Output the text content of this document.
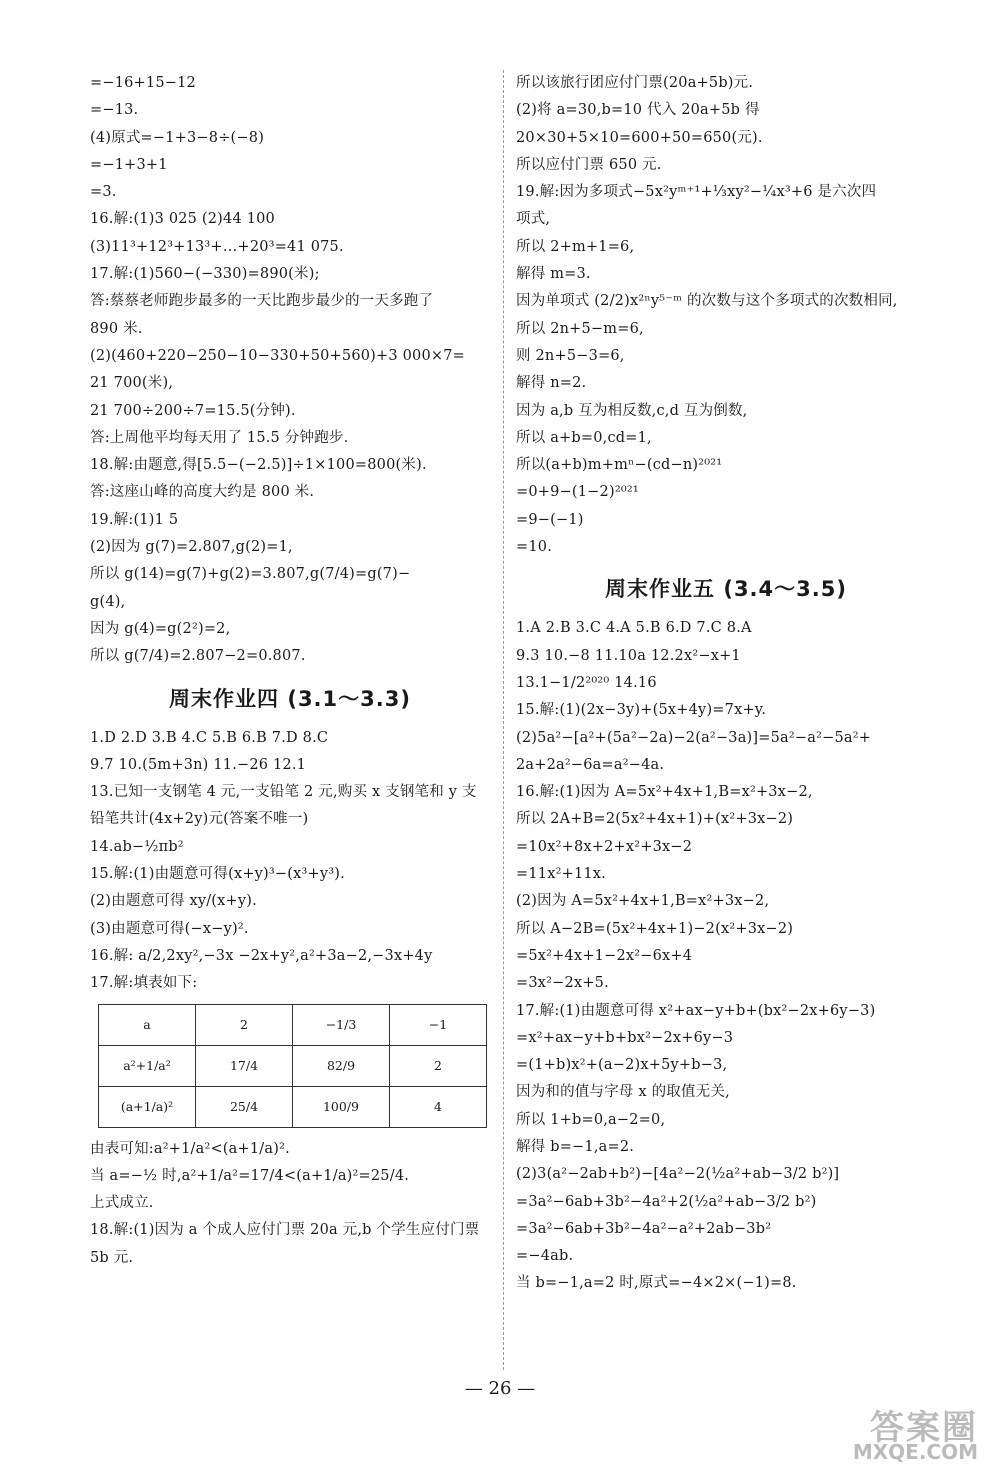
=−16+15−12
=−13.
(4)原式=−1+3−8÷(−8)
=−1+3+1
=3.
16.解:(1)3 025 (2)44 100
(3)11³+12³+13³+…+20³=41 075.
17.解:(1)560−(−330)=890(米);
答:蔡蔡老师跑步最多的一天比跑步最少的一天多跑了
890 米.
(2)(460+220−250−10−330+50+560)+3 000×7=
21 700(米),
21 700÷200÷7=15.5(分钟).
答:上周他平均每天用了 15.5 分钟跑步.
18.解:由题意,得[5.5−(−2.5)]÷1×100=800(米).
答:这座山峰的高度大约是 800 米.
19.解:(1)1 5
(2)因为 g(7)=2.807,g(2)=1,
所以 g(14)=g(7)+g(2)=3.807,g(7/4)=g(7)−
g(4),
因为 g(4)=g(2²)=2,
所以 g(7/4)=2.807−2=0.807.
周末作业四 (3.1～3.3)
1.D 2.D 3.B 4.C 5.B 6.B 7.D 8.C
9.7 10.(5m+3n) 11.−26 12.1
13.已知一支钢笔 4 元,一支铅笔 2 元,购买 x 支钢笔和 y 支
铅笔共计(4x+2y)元(答案不唯一)
14.ab−½πb²
15.解:(1)由题意可得(x+y)³−(x³+y³).
(2)由题意可得 xy/(x+y).
(3)由题意可得(−x−y)².
16.解: a/2,2xy²,−3x −2x+y²,a²+3a−2,−3x+4y
17.解:填表如下:
a	2	−1/3	−1
a²+1/a²	17/4	82/9	2
(a+1/a)²	25/4	100/9	4
由表可知:a²+1/a²<(a+1/a)².
当 a=−½ 时,a²+1/a²=17/4<(a+1/a)²=25/4.
上式成立.
18.解:(1)因为 a 个成人应付门票 20a 元,b 个学生应付门票
5b 元.
所以该旅行团应付门票(20a+5b)元.
(2)将 a=30,b=10 代入 20a+5b 得
20×30+5×10=600+50=650(元).
所以应付门票 650 元.
19.解:因为多项式−5x²yᵐ⁺¹+⅓xy²−¼x³+6 是六次四
项式,
所以 2+m+1=6,
解得 m=3.
因为单项式 (2/2)x²ⁿy⁵⁻ᵐ 的次数与这个多项式的次数相同,
所以 2n+5−m=6,
则 2n+5−3=6,
解得 n=2.
因为 a,b 互为相反数,c,d 互为倒数,
所以 a+b=0,cd=1,
所以(a+b)m+mⁿ−(cd−n)²⁰²¹
=0+9−(1−2)²⁰²¹
=9−(−1)
=10.
周末作业五 (3.4～3.5)
1.A 2.B 3.C 4.A 5.B 6.D 7.C 8.A
9.3 10.−8 11.10a 12.2x²−x+1
13.1−1/2²⁰²⁰ 14.16
15.解:(1)(2x−3y)+(5x+4y)=7x+y.
(2)5a²−[a²+(5a²−2a)−2(a²−3a)]=5a²−a²−5a²+
2a+2a²−6a=a²−4a.
16.解:(1)因为 A=5x²+4x+1,B=x²+3x−2,
所以 2A+B=2(5x²+4x+1)+(x²+3x−2)
=10x²+8x+2+x²+3x−2
=11x²+11x.
(2)因为 A=5x²+4x+1,B=x²+3x−2,
所以 A−2B=(5x²+4x+1)−2(x²+3x−2)
=5x²+4x+1−2x²−6x+4
=3x²−2x+5.
17.解:(1)由题意可得 x²+ax−y+b+(bx²−2x+6y−3)
=x²+ax−y+b+bx²−2x+6y−3
=(1+b)x²+(a−2)x+5y+b−3,
因为和的值与字母 x 的取值无关,
所以 1+b=0,a−2=0,
解得 b=−1,a=2.
(2)3(a²−2ab+b²)−[4a²−2(½a²+ab−3/2 b²)]
=3a²−6ab+3b²−4a²+2(½a²+ab−3/2 b²)
=3a²−6ab+3b²−4a²−a²+2ab−3b²
=−4ab.
当 b=−1,a=2 时,原式=−4×2×(−1)=8.
— 26 —
答案圈
MXQE.COM
